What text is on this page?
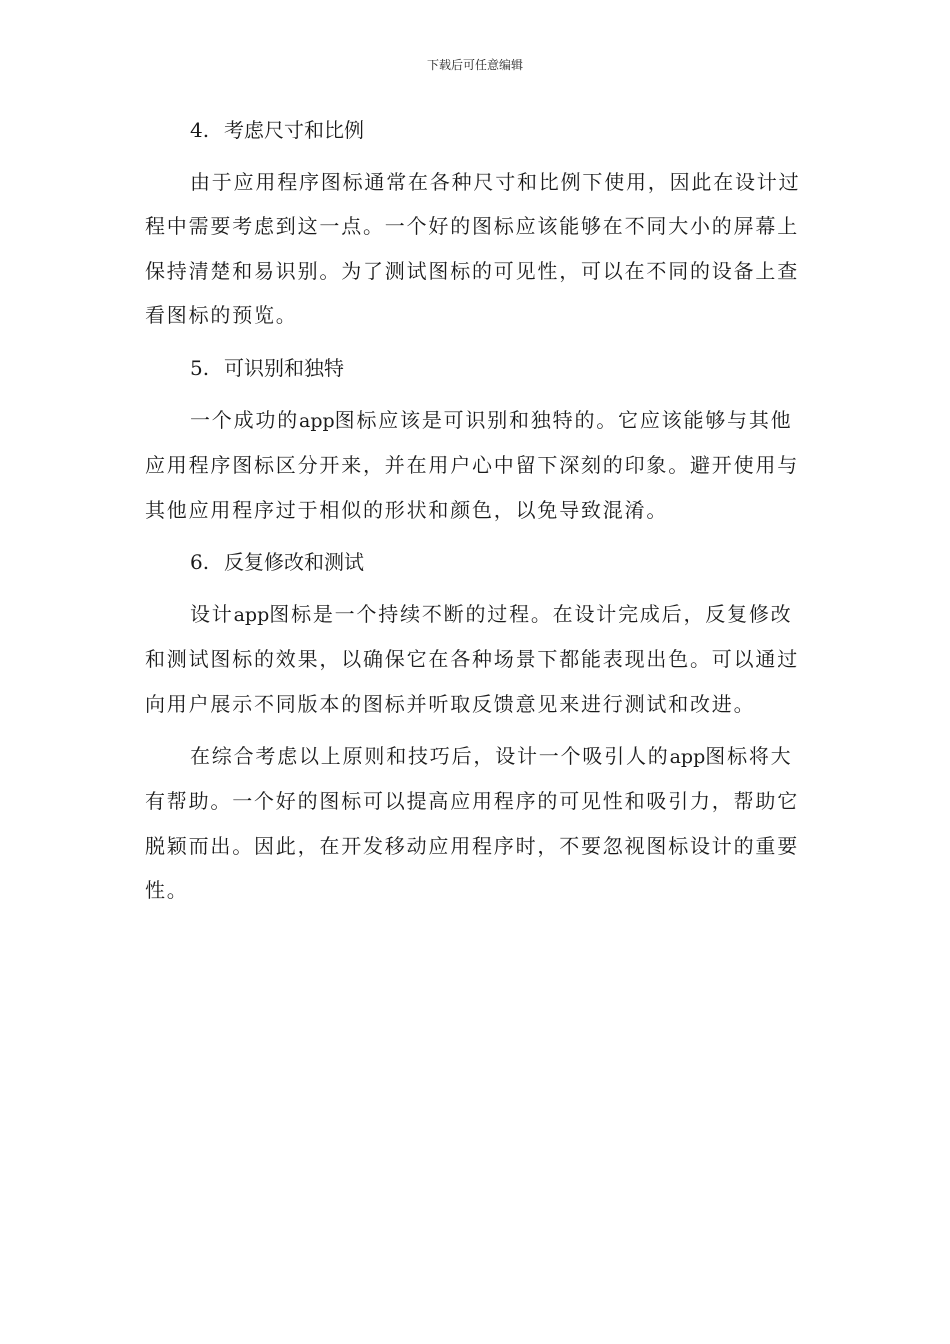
下载后可任意编辑
4. 考虑尺寸和比例

由于应用程序图标通常在各种尺寸和比例下使用，因此在设计过程中需要考虑到这一点。一个好的图标应该能够在不同大小的屏幕上保持清楚和易识别。为了测试图标的可见性，可以在不同的设备上查看图标的预览。

5. 可识别和独特

一个成功的app图标应该是可识别和独特的。它应该能够与其他应用程序图标区分开来，并在用户心中留下深刻的印象。避开使用与其他应用程序过于相似的形状和颜色，以免导致混淆。

6. 反复修改和测试

设计app图标是一个持续不断的过程。在设计完成后，反复修改和测试图标的效果，以确保它在各种场景下都能表现出色。可以通过向用户展示不同版本的图标并听取反馈意见来进行测试和改进。

在综合考虑以上原则和技巧后，设计一个吸引人的app图标将大有帮助。一个好的图标可以提高应用程序的可见性和吸引力，帮助它脱颖而出。因此，在开发移动应用程序时，不要忽视图标设计的重要性。
